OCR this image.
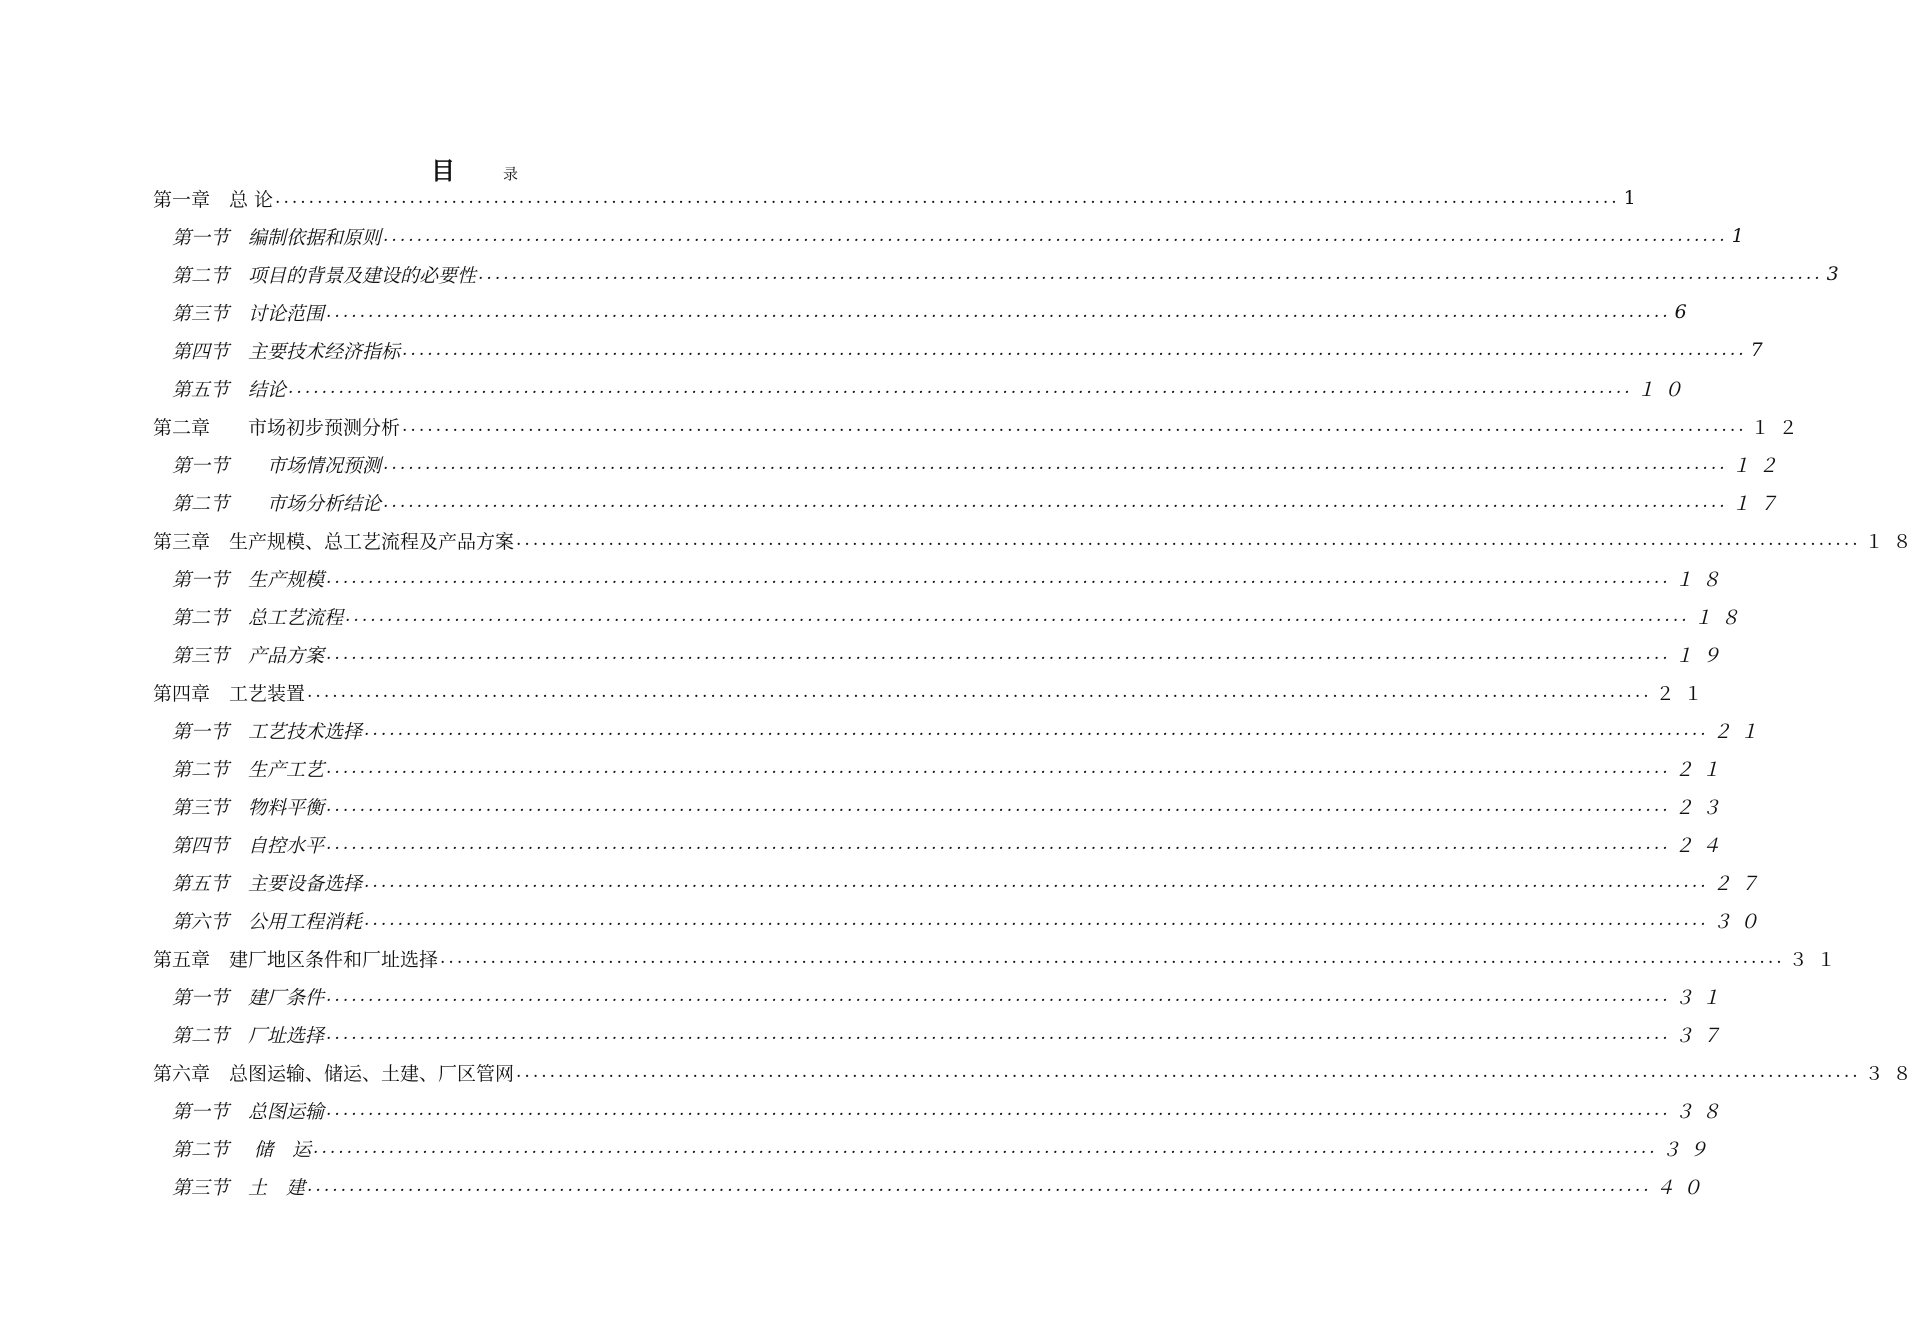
目	录
第一章　总 论 ................................................................................................................................................................ 1
第一节　编制依据和原则 ................................................................................................................................................................ 1
第二节　项目的背景及建设的必要性 ................................................................................................................................................................ 3
第三节　讨论范围 ................................................................................................................................................................ 6
第四节　主要技术经济指标 ................................................................................................................................................................ 7
第五节　结论 ................................................................................................................................................................ １０
第二章　　市场初步预测分析 ................................................................................................................................................................ １２
第一节　　市场情况预测 ................................................................................................................................................................ １２
第二节　　市场分析结论 ................................................................................................................................................................ １７
第三章　生产规模、总工艺流程及产品方案 ................................................................................................................................................................ １８
第一节　生产规模 ................................................................................................................................................................ １８
第二节　总工艺流程 ................................................................................................................................................................ １８
第三节　产品方案 ................................................................................................................................................................ １９
第四章　工艺装置 ................................................................................................................................................................ ２１
第一节　工艺技术选择 ................................................................................................................................................................ ２１
第二节　生产工艺 ................................................................................................................................................................ ２１
第三节　物料平衡 ................................................................................................................................................................ ２３
第四节　自控水平 ................................................................................................................................................................ ２４
第五节　主要设备选择 ................................................................................................................................................................ ２７
第六节　公用工程消耗 ................................................................................................................................................................ ３０
第五章　建厂地区条件和厂址选择 ................................................................................................................................................................ ３１
第一节　建厂条件 ................................................................................................................................................................ ３１
第二节　厂址选择 ................................................................................................................................................................ ３７
第六章　总图运输、储运、土建、厂区管网 ................................................................................................................................................................ ３８
第一节　总图运输 ................................................................................................................................................................ ３８
第二节　 储　运 ................................................................................................................................................................ ３９
第三节　土　建 ................................................................................................................................................................ ４０
